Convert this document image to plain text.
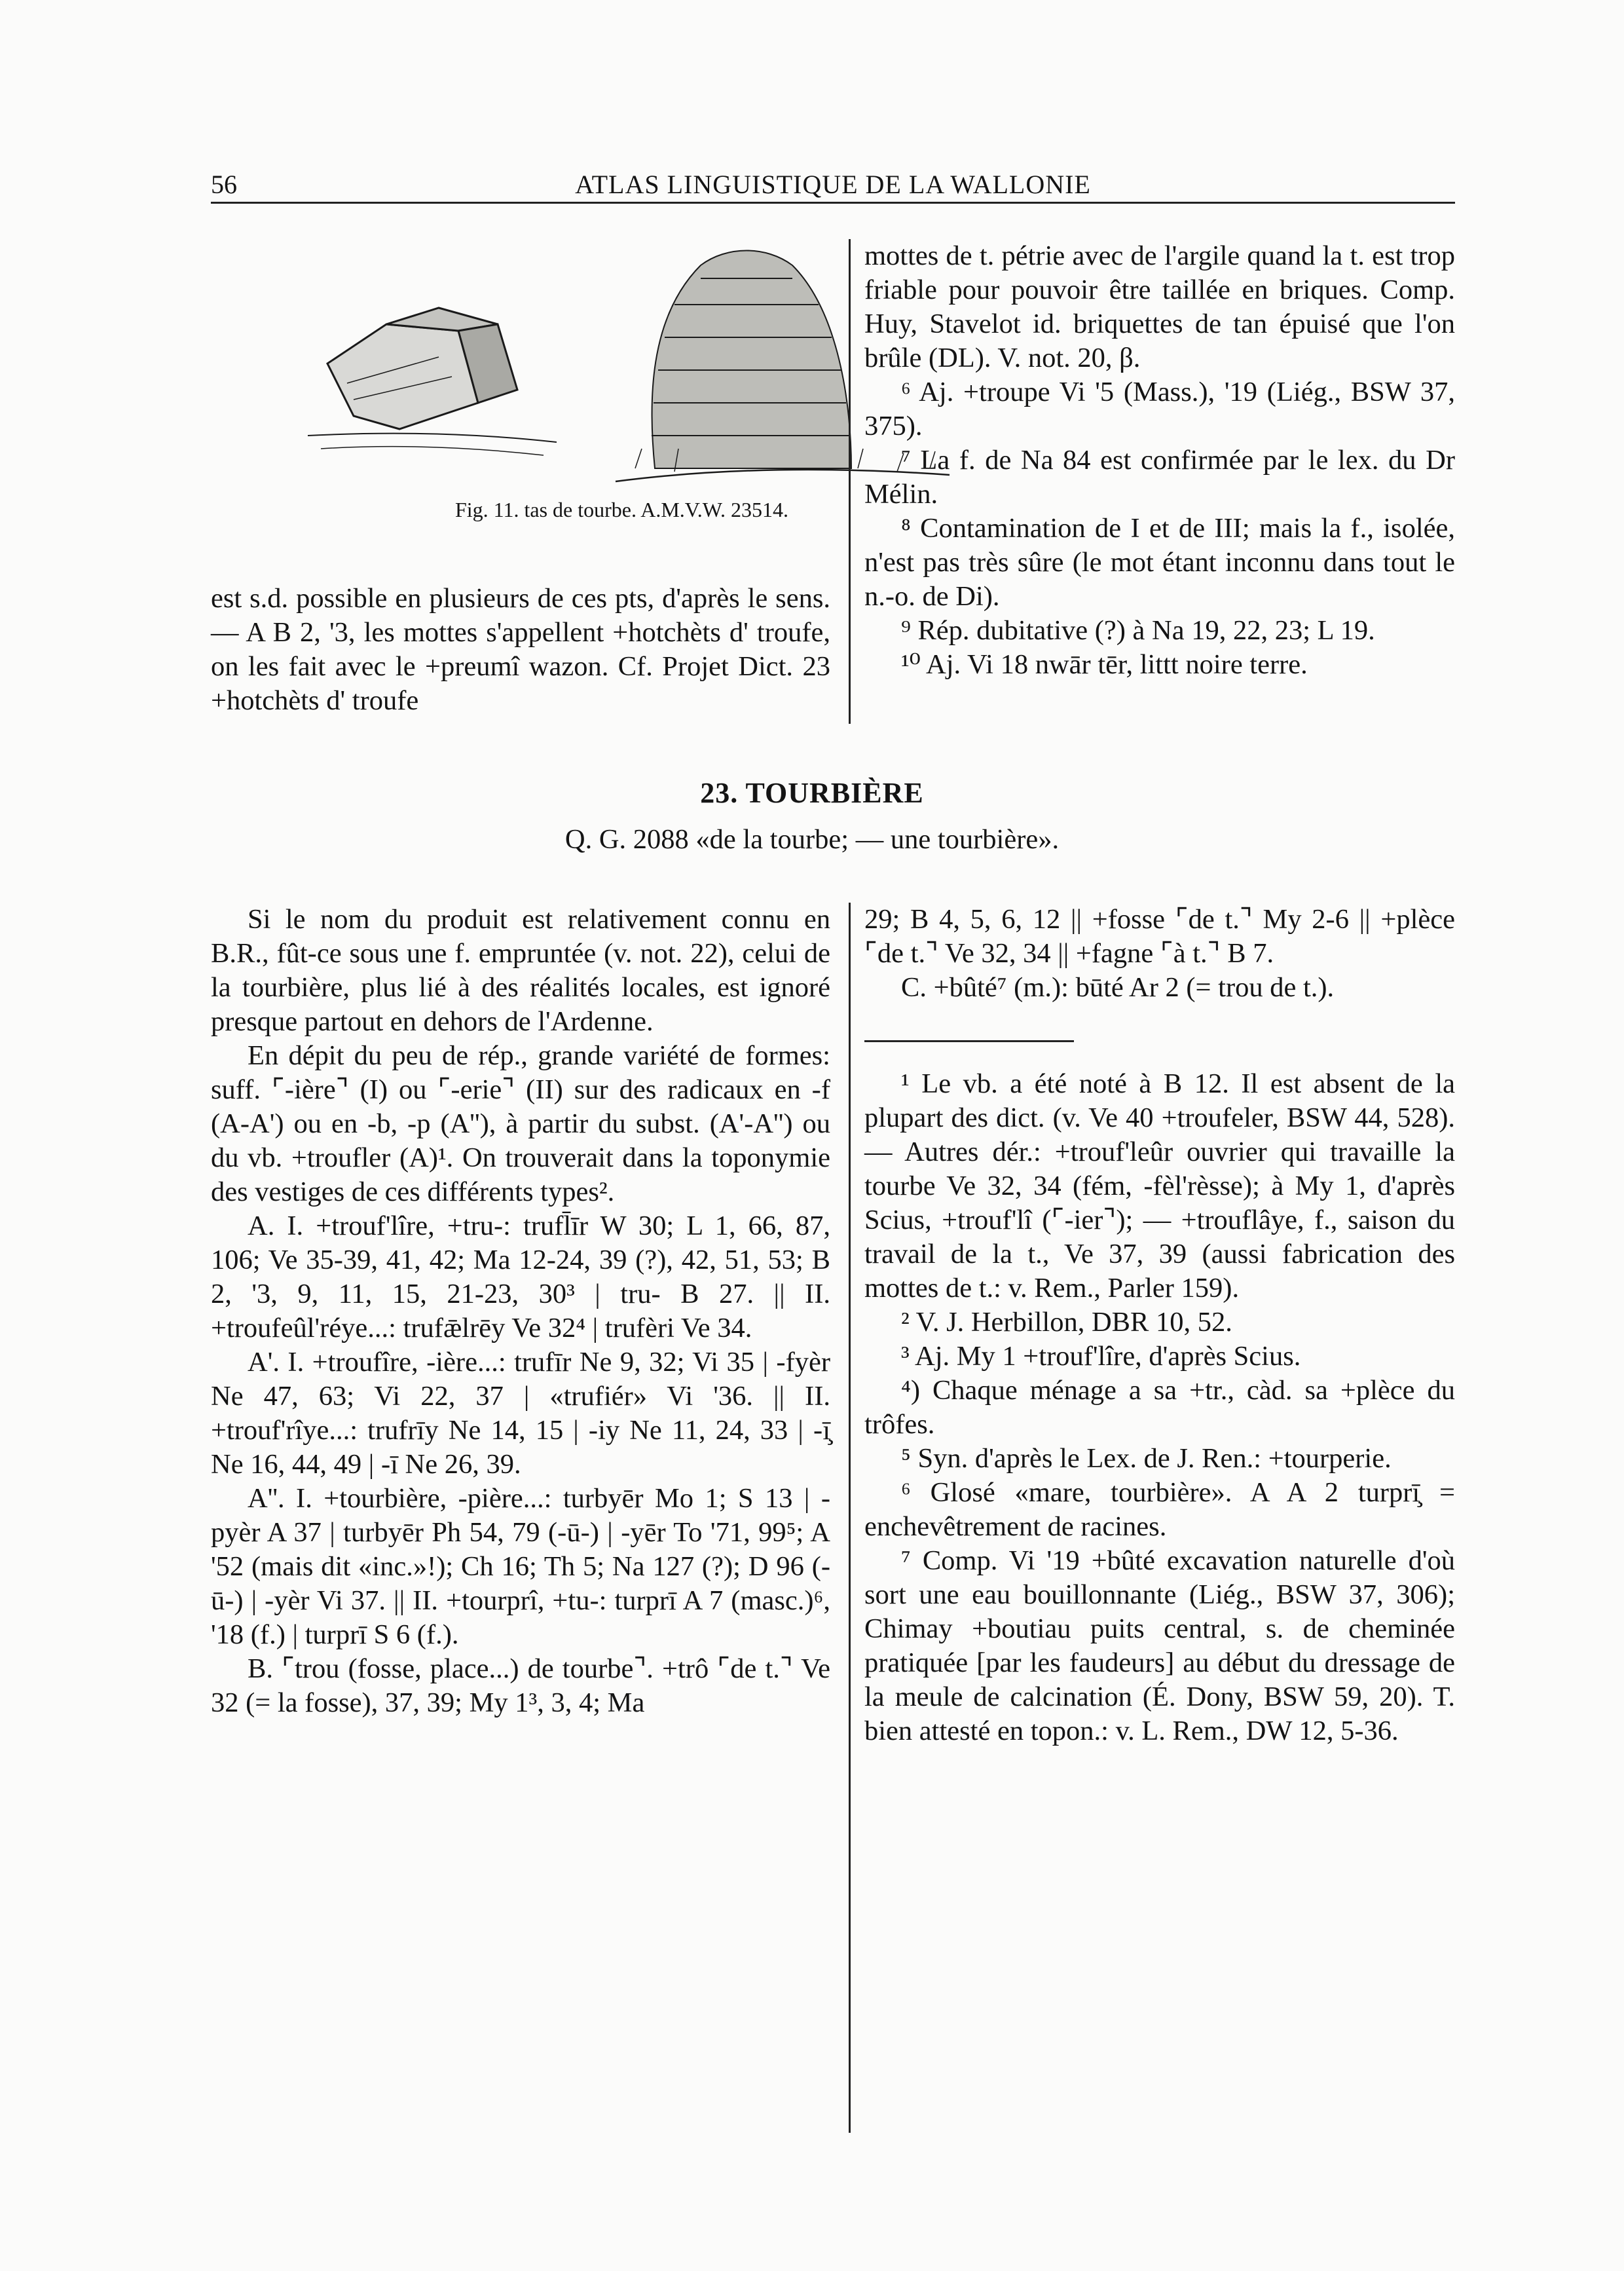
56	ATLAS LINGUISTIQUE DE LA WALLONIE
Fig. 11. tas de tourbe. A.M.V.W. 23514.

est s.d. possible en plusieurs de ces pts, d'après le sens. — A B 2, '3, les mottes s'appellent +hotchèts d' troufe, on les fait avec le +preumî wazon. Cf. Projet Dict. 23 +hotchèts d' troufe

mottes de t. pétrie avec de l'argile quand la t. est trop friable pour pouvoir être taillée en briques. Comp. Huy, Stavelot id. briquettes de tan épuisé que l'on brûle (DL). V. not. 20, β.

⁶ Aj. +troupe Vi '5 (Mass.), '19 (Liég., BSW 37, 375).

⁷ La f. de Na 84 est confirmée par le lex. du Dr Mélin.

⁸ Contamination de I et de III; mais la f., isolée, n'est pas très sûre (le mot étant inconnu dans tout le n.-o. de Di).

⁹ Rép. dubitative (?) à Na 19, 22, 23; L 19.

¹⁰ Aj. Vi 18 nwār tēr, littt noire terre.

23. TOURBIÈRE
Q. G. 2088 «de la tourbe; — une tourbière».

Si le nom du produit est relativement connu en B.R., fût-ce sous une f. empruntée (v. not. 22), celui de la tourbière, plus lié à des réalités locales, est ignoré presque partout en dehors de l'Ardenne.

En dépit du peu de rép., grande variété de formes: suff. ⌜-ière⌝ (I) ou ⌜-erie⌝ (II) sur des radicaux en -f (A-A') ou en -b, -p (A''), à partir du subst. (A'-A'') ou du vb. +troufler (A)¹. On trouverait dans la toponymie des vestiges de ces différents types².

A. I. +trouf'lîre, +tru-: trufl̄īr W 30; L 1, 66, 87, 106; Ve 35-39, 41, 42; Ma 12-24, 39 (?), 42, 51, 53; B 2, '3, 9, 11, 15, 21-23, 30³ | tru- B 27. || II. +troufeûl'réye...: trufǣlrēy Ve 32⁴ | trufèri Ve 34.

A'. I. +troufîre, -ière...: trufīr Ne 9, 32; Vi 35 | -fyèr Ne 47, 63; Vi 22, 37 | «trufiér» Vi '36. || II. +trouf'rîye...: trufrīy Ne 14, 15 | -iy Ne 11, 24, 33 | -ī̧ Ne 16, 44, 49 | -ī Ne 26, 39.

A''. I. +tourbière, -pière...: turbyēr Mo 1; S 13 | -pyèr A 37 | turbyēr Ph 54, 79 (-ū-) | -yēr To '71, 99⁵; A '52 (mais dit «inc.»!); Ch 16; Th 5; Na 127 (?); D 96 (-ū-) | -yèr Vi 37. || II. +tourprî, +tu-: turprī A 7 (masc.)⁶, '18 (f.) | turprī S 6 (f.).

B. ⌜trou (fosse, place...) de tourbe⌝. +trô ⌜de t.⌝ Ve 32 (= la fosse), 37, 39; My 1³, 3, 4; Ma

29; B 4, 5, 6, 12 || +fosse ⌜de t.⌝ My 2-6 || +plèce ⌜de t.⌝ Ve 32, 34 || +fagne ⌜à t.⌝ B 7.

C. +bûté⁷ (m.): būté Ar 2 (= trou de t.).

¹ Le vb. a été noté à B 12. Il est absent de la plupart des dict. (v. Ve 40 +troufeler, BSW 44, 528). — Autres dér.: +trouf'leûr ouvrier qui travaille la tourbe Ve 32, 34 (fém, -fèl'rèsse); à My 1, d'après Scius, +trouf'lî (⌜-ier⌝); — +trouflâye, f., saison du travail de la t., Ve 37, 39 (aussi fabrication des mottes de t.: v. Rem., Parler 159).

² V. J. Herbillon, DBR 10, 52.

³ Aj. My 1 +trouf'lîre, d'après Scius.

⁴) Chaque ménage a sa +tr., càd. sa +plèce du trôfes.

⁵ Syn. d'après le Lex. de J. Ren.: +tourperie.

⁶ Glosé «mare, tourbière». A A 2 turprī̧ = enchevêtrement de racines.

⁷ Comp. Vi '19 +bûté excavation naturelle d'où sort une eau bouillonnante (Liég., BSW 37, 306); Chimay +boutiau puits central, s. de cheminée pratiquée [par les faudeurs] au début du dressage de la meule de calcination (É. Dony, BSW 59, 20). T. bien attesté en topon.: v. L. Rem., DW 12, 5-36.
